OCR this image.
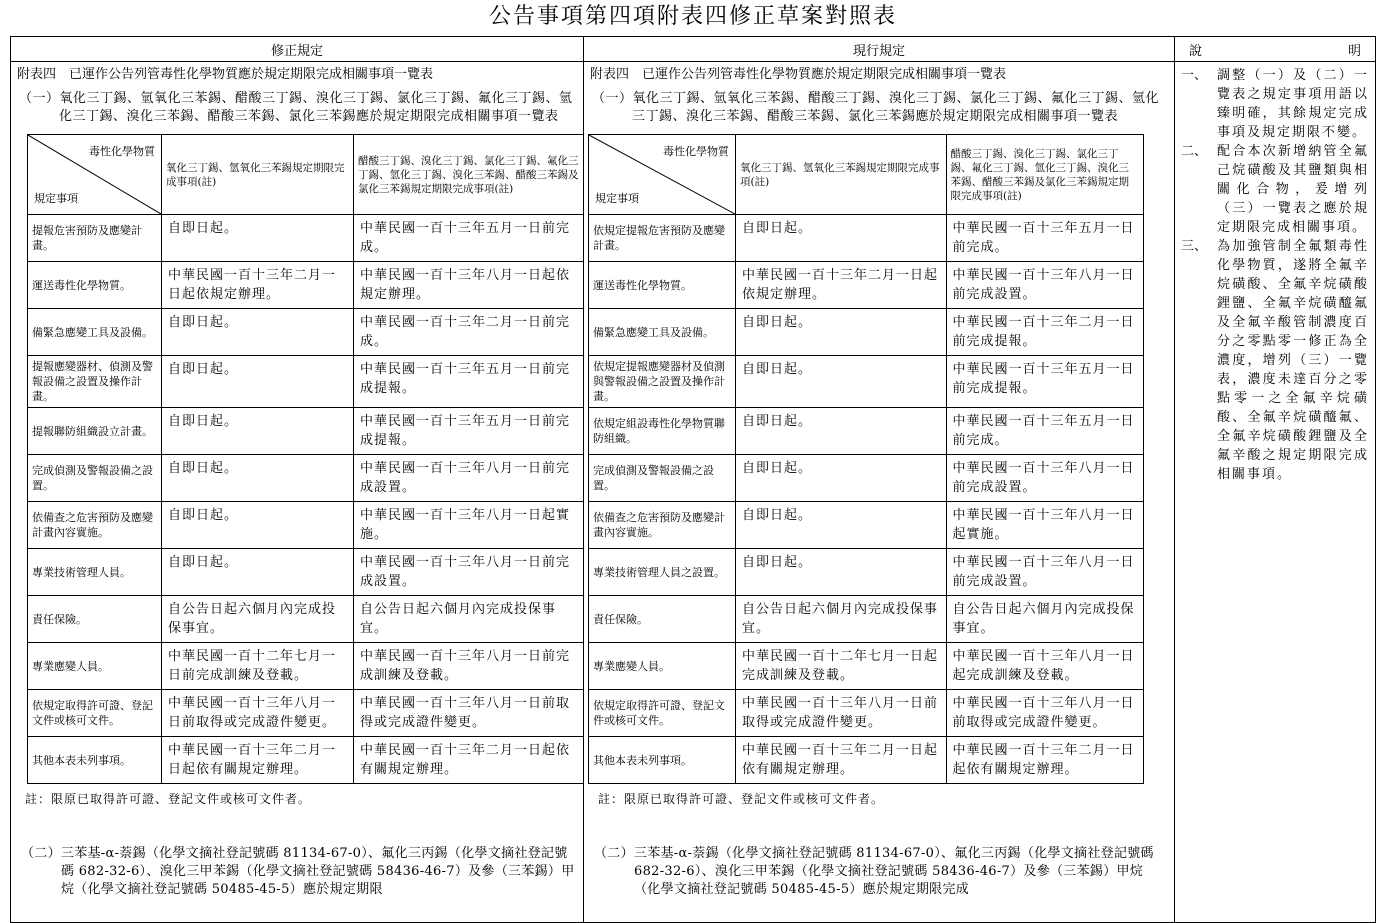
公告事項第四項附表四修正草案對照表
修正規定	現行規定	說	明

附表四　已運作公告列管毒性化學物質應於規定期限完成相關事項一覽表
（一）氧化三丁錫、氫氧化三苯錫、醋酸三丁錫、溴化三丁錫、氯化三丁錫、氟化三丁錫、氫化三丁錫、溴化三苯錫、醋酸三苯錫、氯化三苯錫應於規定期限完成相關事項一覽表
毒性化學物質
規定事項
	氧化三丁錫、氫氧化三苯錫規定期限完成事項(註)	醋酸三丁錫、溴化三丁錫、氯化三丁錫、氟化三丁錫、氫化三丁錫、溴化三苯錫、醋酸三苯錫及氯化三苯錫規定期限完成事項(註)
提報危害預防及應變計畫。	自即日起。	中華民國一百十三年五月一日前完成。
運送毒性化學物質。	中華民國一百十三年二月一日起依規定辦理。	中華民國一百十三年八月一日起依規定辦理。
備緊急應變工具及設備。	自即日起。	中華民國一百十三年二月一日前完成。
提報應變器材、偵測及警報設備之設置及操作計畫。	自即日起。	中華民國一百十三年五月一日前完成提報。
提報聯防組織設立計畫。	自即日起。	中華民國一百十三年五月一日前完成提報。
完成偵測及警報設備之設置。	自即日起。	中華民國一百十三年八月一日前完成設置。
依備查之危害預防及應變計畫內容實施。	自即日起。	中華民國一百十三年八月一日起實施。
專業技術管理人員。	自即日起。	中華民國一百十三年八月一日前完成設置。
責任保險。	自公告日起六個月內完成投保事宜。	自公告日起六個月內完成投保事宜。
專業應變人員。	中華民國一百十二年七月一日前完成訓練及登載。	中華民國一百十三年八月一日前完成訓練及登載。
依規定取得許可證、登記文件或核可文件。	中華民國一百十三年八月一日前取得或完成證件變更。	中華民國一百十三年八月一日前取得或完成證件變更。
其他本表未列事項。	中華民國一百十三年二月一日起依有關規定辦理。	中華民國一百十三年二月一日起依有關規定辦理。
註：限原已取得許可證、登記文件或核可文件者。
（二）三苯基-α-萘錫（化學文摘社登記號碼 81134-67-0）、氟化三丙錫（化學文摘社登記號碼 682-32-6）、溴化三甲苯錫（化學文摘社登記號碼 58436-46-7）及參（三苯錫）甲烷（化學文摘社登記號碼 50485-45-5）應於規定期限

附表四　已運作公告列管毒性化學物質應於規定期限完成相關事項一覽表
（一）氧化三丁錫、氫氧化三苯錫、醋酸三丁錫、溴化三丁錫、氯化三丁錫、氟化三丁錫、氫化三丁錫、溴化三苯錫、醋酸三苯錫、氯化三苯錫應於規定期限完成相關事項一覽表
毒性化學物質
規定事項
	氧化三丁錫、氫氧化三苯錫規定期限完成事項(註)	醋酸三丁錫、溴化三丁錫、氯化三丁錫、氟化三丁錫、氫化三丁錫、溴化三苯錫、醋酸三苯錫及氯化三苯錫規定期限完成事項(註)
依規定提報危害預防及應變計畫。	自即日起。	中華民國一百十三年五月一日前完成。
運送毒性化學物質。	中華民國一百十三年二月一日起依規定辦理。	中華民國一百十三年八月一日前完成設置。
備緊急應變工具及設備。	自即日起。	中華民國一百十三年二月一日前完成提報。
依規定提報應變器材及偵測與警報設備之設置及操作計畫。	自即日起。	中華民國一百十三年五月一日前完成提報。
依規定組設毒性化學物質聯防組織。	自即日起。	中華民國一百十三年五月一日前完成。
完成偵測及警報設備之設置。	自即日起。	中華民國一百十三年八月一日前完成設置。
依備查之危害預防及應變計畫內容實施。	自即日起。	中華民國一百十三年八月一日起實施。
專業技術管理人員之設置。	自即日起。	中華民國一百十三年八月一日前完成設置。
責任保險。	自公告日起六個月內完成投保事宜。	自公告日起六個月內完成投保事宜。
專業應變人員。	中華民國一百十二年七月一日起完成訓練及登載。	中華民國一百十三年八月一日起完成訓練及登載。
依規定取得許可證、登記文件或核可文件。	中華民國一百十三年八月一日前取得或完成證件變更。	中華民國一百十三年八月一日前取得或完成證件變更。
其他本表未列事項。	中華民國一百十三年二月一日起依有關規定辦理。	中華民國一百十三年二月一日起依有關規定辦理。
註：限原已取得許可證、登記文件或核可文件者。
（二）三苯基-α-萘錫（化學文摘社登記號碼 81134-67-0）、氟化三丙錫（化學文摘社登記號碼 682-32-6）、溴化三甲苯錫（化學文摘社登記號碼 58436-46-7）及參（三苯錫）甲烷（化學文摘社登記號碼 50485-45-5）應於規定期限完成

一、 調整（一）及（二）一覽表之規定事項用語以臻明確，其餘規定完成事項及規定期限不變。
二、 配合本次新增納管全氟己烷磺酸及其鹽類與相關化合物，爰增列（三）一覽表之應於規定期限完成相關事項。
三、 為加強管制全氟類毒性化學物質，遂將全氟辛烷磺酸、全氟辛烷磺酸鋰鹽、全氟辛烷磺醯氟及全氟辛酸管制濃度百分之零點零一修正為全濃度，增列（三）一覽表，濃度未達百分之零點零一之全氟辛烷磺酸、全氟辛烷磺醯氟、全氟辛烷磺酸鋰鹽及全氟辛酸之規定期限完成相關事項。
